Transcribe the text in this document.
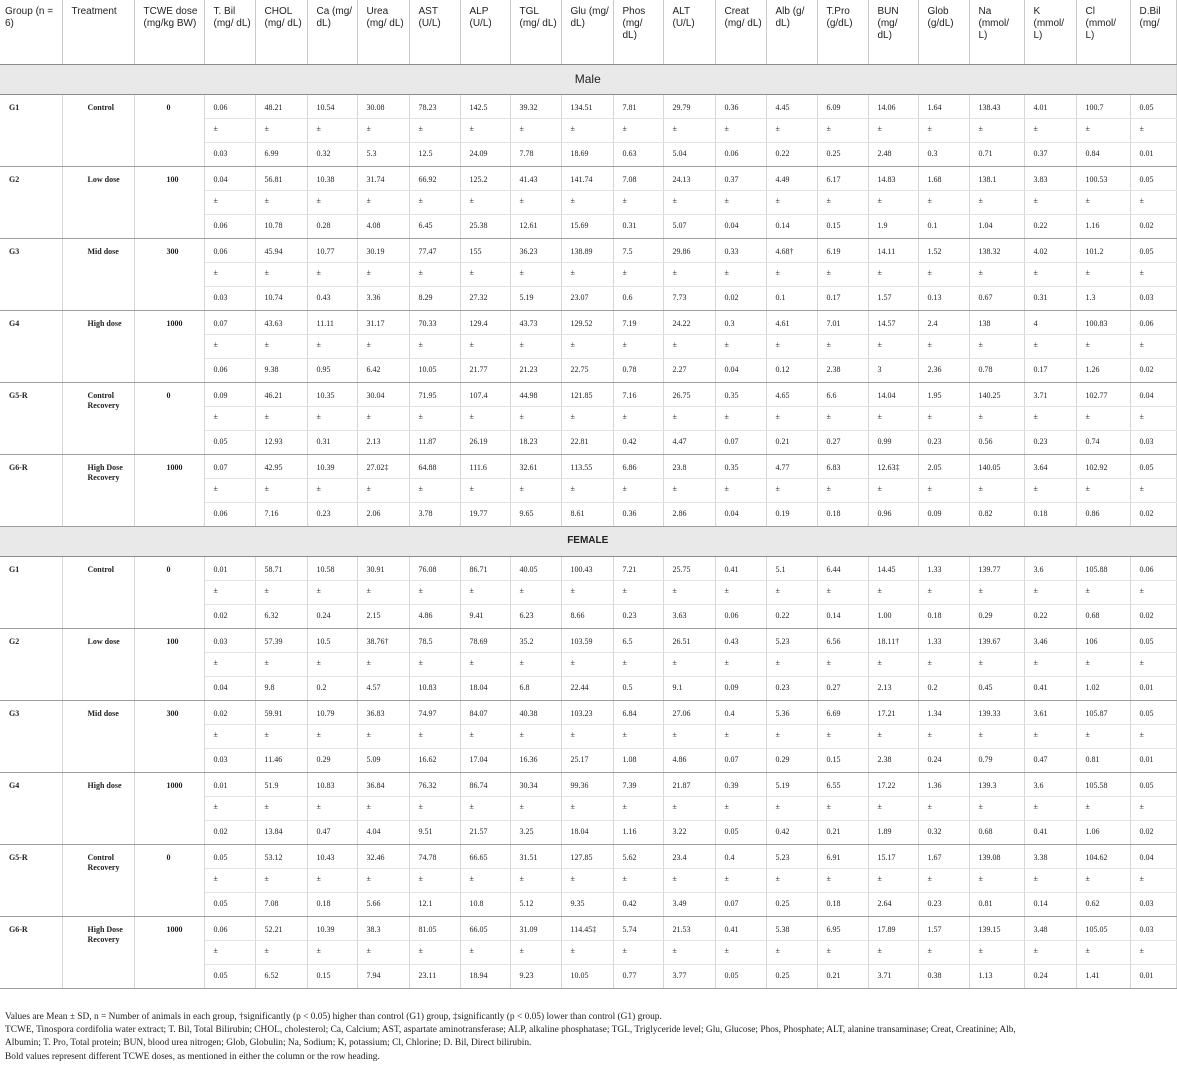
Group (n = 6)	Treatment	TCWE dose (mg/kg BW)	T. Bil (mg/ dL)	CHOL (mg/ dL)	Ca (mg/ dL)	Urea (mg/ dL)	AST (U/L)	ALP (U/L)	TGL (mg/ dL)	Glu (mg/ dL)	Phos (mg/ dL)	ALT (U/L)	Creat (mg/ dL)	Alb (g/ dL)	T.Pro (g/dL)	BUN (mg/ dL)	Glob (g/dL)	Na (mmol/ L)	K (mmol/ L)	Cl (mmol/ L)	D.Bil (mg/
Male																					
G1	Control	0	0.06	48.21	10.54	30.08	78.23	142.5	39.32	134.51	7.81	29.79	0.36	4.45	6.09	14.06	1.64	138.43	4.01	100.7	0.05
			±	±	±	±	±	±	±	±	±	±	±	±	±	±	±	±	±	±	±
			0.03	6.99	0.32	5.3	12.5	24.09	7.78	18.69	0.63	5.04	0.06	0.22	0.25	2.48	0.3	0.71	0.37	0.84	0.01
G2	Low dose	100	0.04	56.81	10.38	31.74	66.92	125.2	41.43	141.74	7.08	24.13	0.37	4.49	6.17	14.83	1.68	138.1	3.83	100.53	0.05
			±	±	±	±	±	±	±	±	±	±	±	±	±	±	±	±	±	±	±
			0.06	10.78	0.28	4.08	6.45	25.38	12.61	15.69	0.31	5.07	0.04	0.14	0.15	1.9	0.1	1.04	0.22	1.16	0.02
G3	Mid dose	300	0.06	45.94	10.77	30.19	77.47	155	36.23	138.89	7.5	29.86	0.33	4.68†	6.19	14.11	1.52	138.32	4.02	101.2	0.05
			±	±	±	±	±	±	±	±	±	±	±	±	±	±	±	±	±	±	±
			0.03	10.74	0.43	3.36	8.29	27.32	5.19	23.07	0.6	7.73	0.02	0.1	0.17	1.57	0.13	0.67	0.31	1.3	0.03
G4	High dose	1000	0.07	43.63	11.11	31.17	70.33	129.4	43.73	129.52	7.19	24.22	0.3	4.61	7.01	14.57	2.4	138	4	100.83	0.06
			±	±	±	±	±	±	±	±	±	±	±	±	±	±	±	±	±	±	±
			0.06	9.38	0.95	6.42	10.05	21.77	21.23	22.75	0.78	2.27	0.04	0.12	2.38	3	2.36	0.78	0.17	1.26	0.02
G5-R	Control Recovery	0	0.09	46.21	10.35	30.04	71.95	107.4	44.98	121.85	7.16	26.75	0.35	4.65	6.6	14.04	1.95	140.25	3.71	102.77	0.04
			±	±	±	±	±	±	±	±	±	±	±	±	±	±	±	±	±	±	±
			0.05	12.93	0.31	2.13	11.87	26.19	18.23	22.81	0.42	4.47	0.07	0.21	0.27	0.99	0.23	0.56	0.23	0.74	0.03
G6-R	High Dose Recovery	1000	0.07	42.95	10.39	27.02‡	64.88	111.6	32.61	113.55	6.86	23.8	0.35	4.77	6.83	12.63‡	2.05	140.05	3.64	102.92	0.05
			±	±	±	±	±	±	±	±	±	±	±	±	±	±	±	±	±	±	±
			0.06	7.16	0.23	2.06	3.78	19.77	9.65	8.61	0.36	2.86	0.04	0.19	0.18	0.96	0.09	0.82	0.18	0.86	0.02
FEMALE																					
G1	Control	0	0.01	58.71	10.58	30.91	76.08	86.71	40.05	100.43	7.21	25.75	0.41	5.1	6.44	14.45	1.33	139.77	3.6	105.88	0.06
			±	±	±	±	±	±	±	±	±	±	±	±	±	±	±	±	±	±	±
			0.02	6.32	0.24	2.15	4.86	9.41	6.23	8.66	0.23	3.63	0.06	0.22	0.14	1.00	0.18	0.29	0.22	0.68	0.02
G2	Low dose	100	0.03	57.39	10.5	38.76†	78.5	78.69	35.2	103.59	6.5	26.51	0.43	5.23	6.56	18.11†	1.33	139.67	3.46	106	0.05
			±	±	±	±	±	±	±	±	±	±	±	±	±	±	±	±	±	±	±
			0.04	9.8	0.2	4.57	10.83	18.04	6.8	22.44	0.5	9.1	0.09	0.23	0.27	2.13	0.2	0.45	0.41	1.02	0.01
G3	Mid dose	300	0.02	59.91	10.79	36.83	74.97	84.07	40.38	103.23	6.84	27.06	0.4	5.36	6.69	17.21	1.34	139.33	3.61	105.87	0.05
			±	±	±	±	±	±	±	±	±	±	±	±	±	±	±	±	±	±	±
			0.03	11.46	0.29	5.09	16.62	17.04	16.36	25.17	1.08	4.86	0.07	0.29	0.15	2.38	0.24	0.79	0.47	0.81	0.01
G4	High dose	1000	0.01	51.9	10.83	36.84	76.32	86.74	30.34	99.36	7.39	21.87	0.39	5.19	6.55	17.22	1.36	139.3	3.6	105.58	0.05
			±	±	±	±	±	±	±	±	±	±	±	±	±	±	±	±	±	±	±
			0.02	13.84	0.47	4.04	9.51	21.57	3.25	18.04	1.16	3.22	0.05	0.42	0.21	1.89	0.32	0.68	0.41	1.06	0.02
G5-R	Control Recovery	0	0.05	53.12	10.43	32.46	74.78	66.65	31.51	127.85	5.62	23.4	0.4	5.23	6.91	15.17	1.67	139.08	3.38	104.62	0.04
			±	±	±	±	±	±	±	±	±	±	±	±	±	±	±	±	±	±	±
			0.05	7.08	0.18	5.66	12.1	10.8	5.12	9.35	0.42	3.49	0.07	0.25	0.18	2.64	0.23	0.81	0.14	0.62	0.03
G6-R	High Dose Recovery	1000	0.06	52.21	10.39	38.3	81.05	66.05	31.09	114.45‡	5.74	21.53	0.41	5.38	6.95	17.89	1.57	139.15	3.48	105.05	0.03
			±	±	±	±	±	±	±	±	±	±	±	±	±	±	±	±	±	±	±
			0.05	6.52	0.15	7.94	23.11	18.94	9.23	10.05	0.77	3.77	0.05	0.25	0.21	3.71	0.38	1.13	0.24	1.41	0.01
Values are Mean ± SD, n = Number of animals in each group, †significantly (p < 0.05) higher than control (G1) group, ‡significantly (p < 0.05) lower than control (G1) group.
TCWE, Tinospora cordifolia water extract; T. Bil, Total Bilirubin; CHOL, cholesterol; Ca, Calcium; AST, aspartate aminotransferase; ALP, alkaline phosphatase; TGL, Triglyceride level; Glu, Glucose; Phos, Phosphate; ALT, alanine transaminase; Creat, Creatinine; Alb,
Albumin; T. Pro, Total protein; BUN, blood urea nitrogen; Glob, Globulin; Na, Sodium; K, potassium; Cl, Chlorine; D. Bil, Direct bilirubin.
Bold values represent different TCWE doses, as mentioned in either the column or the row heading.
